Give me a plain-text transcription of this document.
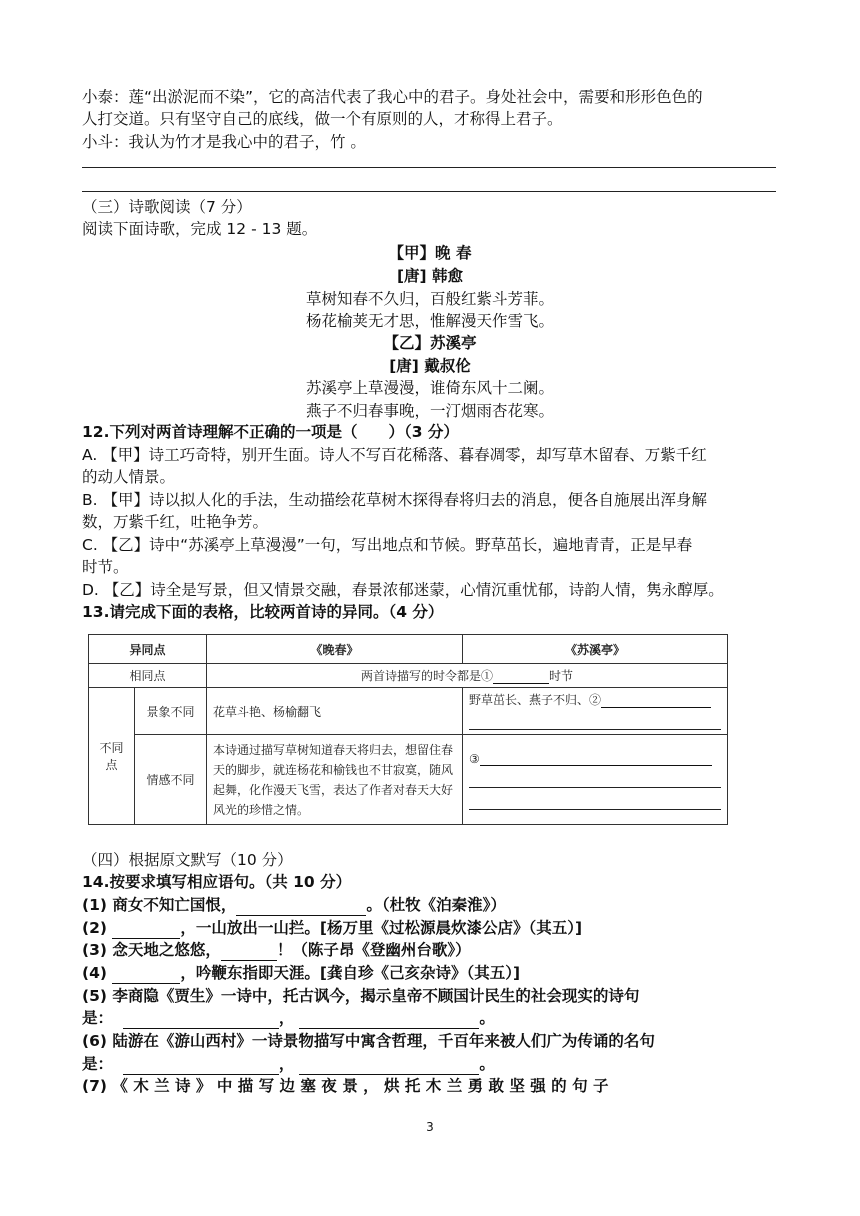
小泰：莲“出淤泥而不染”，它的高洁代表了我心中的君子。身处社会中，需要和形形色色的
人打交道。只有坚守自己的底线，做一个有原则的人，才称得上君子。
小斗：我认为竹才是我心中的君子，竹 。
（三）诗歌阅读（7 分）
阅读下面诗歌，完成 12 - 13 题。
【甲】晚 春
[唐] 韩愈
草树知春不久归，百般红紫斗芳菲。
杨花榆荚无才思，惟解漫天作雪飞。
【乙】苏溪亭
[唐] 戴叔伦
苏溪亭上草漫漫，谁倚东风十二阑。
燕子不归春事晚，一汀烟雨杏花寒。
12.下列对两首诗理解不正确的一项是（　　）（3 分）
A. 【甲】诗工巧奇特，别开生面。诗人不写百花稀落、暮春凋零，却写草木留春、万紫千红
的动人情景。
B. 【甲】诗以拟人化的手法，生动描绘花草树木探得春将归去的消息，便各自施展出浑身解
数，万紫千红，吐艳争芳。
C. 【乙】诗中“苏溪亭上草漫漫”一句，写出地点和节候。野草茁长，遍地青青，正是早春
时节。
D. 【乙】诗全是写景，但又情景交融，春景浓郁迷蒙，心情沉重忧郁，诗韵人情，隽永醇厚。
13.请完成下面的表格，比较两首诗的异同。（4 分）
异同点		《晚春》	《苏溪亭》
相同点		两首诗描写的时令都是① 时节	
不同点	景象不同	花草斗艳、杨榆翻飞	野草茁长、燕子不归、②

	情感不同	本诗通过描写草树知道春天将归去，想留住春天的脚步，就连杨花和榆钱也不甘寂寞，随风起舞，化作漫天飞雪，表达了作者对春天大好风光的珍惜之情。	③
（四）根据原文默写（10 分）
14.按要求填写相应语句。（共 10 分）
(1) 商女不知亡国恨，	。（杜牧《泊秦淮》）
(2)	，一山放出一山拦。[杨万里《过松源晨炊漆公店》（其五）]
(3) 念天地之悠悠，	！（陈子昂《登幽州台歌》）
(4)	，吟鞭东指即天涯。[龚自珍《己亥杂诗》（其五）]
(5) 李商隐《贾生》一诗中，托古讽今，揭示皇帝不顾国计民生的社会现实的诗句
是：	，	。
(6) 陆游在《游山西村》一诗景物描写中寓含哲理，千百年来被人们广为传诵的名句
是：	，	。
(7) 《 木 兰 诗 》 中 描 写 边 塞 夜 景 ， 烘 托 木 兰 勇 敢 坚 强 的 句 子
3
